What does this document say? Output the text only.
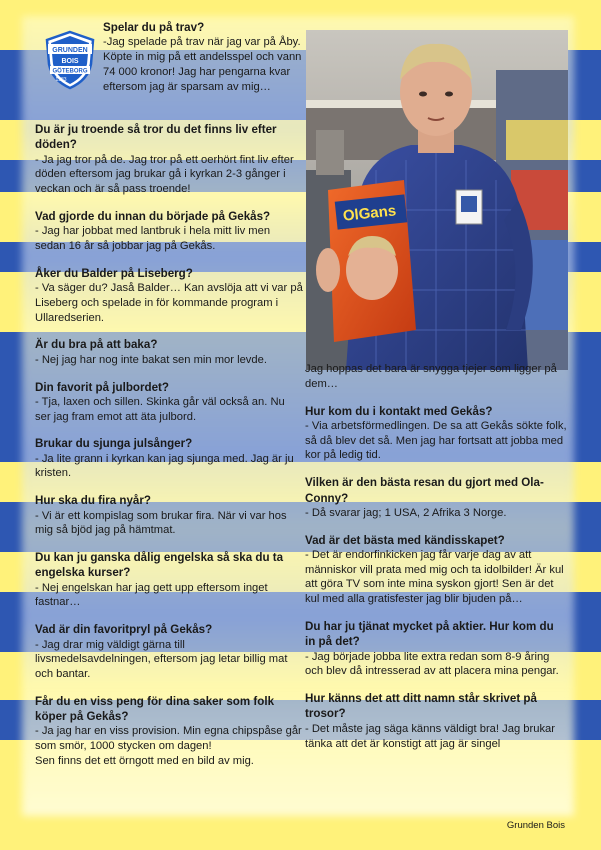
GRUNDEN
BOIS
GÖTEBORG
1983
OlGans
Spelar du på trav?
-Jag spelade på trav när jag var på Åby. Köpte in mig på ett andelsspel och vann 74 000 kronor! Jag har pengarna kvar eftersom jag är sparsam av mig…
Du är ju troende så tror du det finns liv efter döden?
- Ja jag tror på de. Jag tror på ett oerhört fint liv efter döden eftersom jag brukar gå i kyrkan 2-3 gånger i veckan och är så pass troende!
Vad gjorde du innan du började på Gekås?
- Jag har jobbat med lantbruk i hela mitt liv men sedan 16 år så jobbar jag på Gekås.
Åker du Balder på Liseberg?
- Va säger du? Jaså Balder… Kan avslöja att vi var på Liseberg och spelade in för kommande program i Ullaredserien.
Är du bra på att baka?
- Nej jag har nog inte bakat sen min mor levde.
Din favorit på julbordet?
- Tja, laxen och sillen. Skinka går väl också an. Nu ser jag fram emot att äta julbord.
Brukar du sjunga julsånger?
- Ja lite grann i kyrkan kan jag sjunga med. Jag är ju kristen.
Hur ska du fira nyår?
- Vi är ett kompislag som brukar fira. När vi var hos mig så bjöd jag på hämtmat.
Du kan ju ganska dålig engelska så ska du ta engelska kurser?
- Nej engelskan har jag gett upp eftersom inget fastnar…
Vad är din favoritpryl på Gekås?
- Jag drar mig väldigt gärna till livsmedelsavdelningen, eftersom jag letar billig mat och bantar.
Får du en viss peng för dina saker som folk köper på Gekås?
- Ja jag har en viss provision. Min egna chipspåse går som smör, 1000 stycken om dagen!
Sen finns det ett örngott med en bild av mig.
Jag hoppas det bara är snygga tjejer som ligger på dem…
Hur kom du i kontakt med Gekås?
- Via arbetsförmedlingen. De sa att Gekås sökte folk, så då blev det så. Men jag har fortsatt att jobba med kor på ledig tid.
Vilken är den bästa resan du gjort med Ola-Conny?
- Då svarar jag; 1 USA, 2 Afrika 3 Norge.
Vad är det bästa med kändisskapet?
- Det är endorfinkicken jag får varje dag av att människor vill prata med mig och ta idolbilder! Är kul att göra TV som inte mina syskon gjort! Sen är det kul med alla gratisfester jag blir bjuden på…
Du har ju tjänat mycket på aktier. Hur kom du in på det?
- Jag började jobba lite extra redan som 8-9 åring och blev då intresserad av att placera mina pengar.
Hur känns det att ditt namn står skrivet på trosor?
- Det måste jag säga känns väldigt bra! Jag brukar tänka att det är konstigt att jag är singel
Grunden Bois
